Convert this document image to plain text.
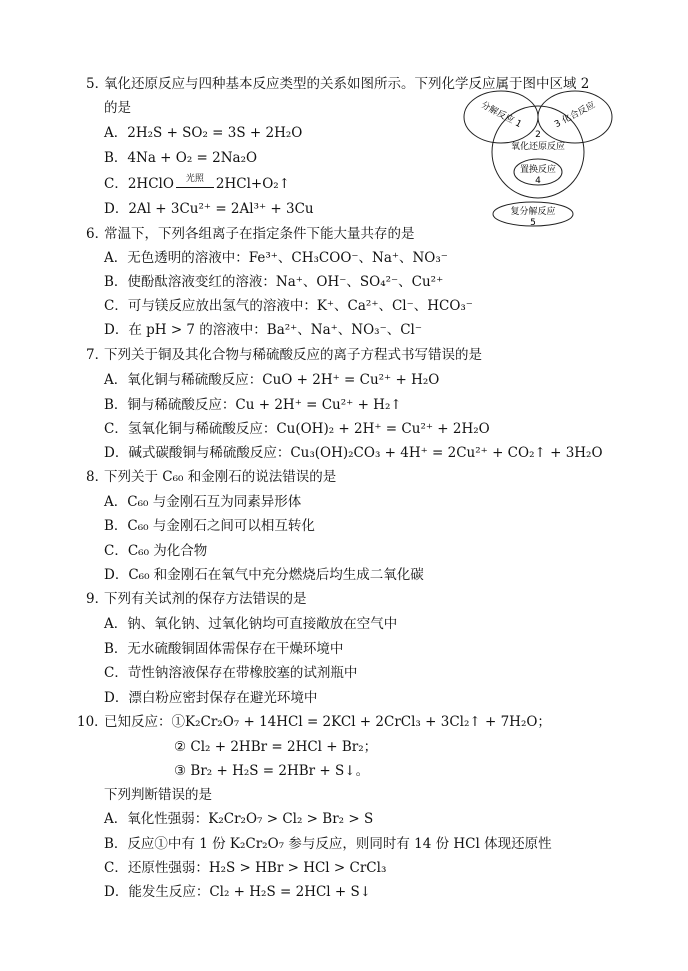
5．
氧化还原反应与四种基本反应类型的关系如图所示。下列化学反应属于图中区域 2
的是
A．2H₂S + SO₂ = 3S + 2H₂O
B．4Na + O₂ = 2Na₂O
C．2HClO	光照 2HCl+O₂↑
D．2Al + 3Cu²⁺ = 2Al³⁺ + 3Cu
分解反应 1	3 化合反应
2
氧化还原反应
置换反应
4
复分解反应
5
6．
常温下，下列各组离子在指定条件下能大量共存的是
A．无色透明的溶液中：Fe³⁺、CH₃COO⁻、Na⁺、NO₃⁻
B．使酚酞溶液变红的溶液：Na⁺、OH⁻、SO₄²⁻、Cu²⁺
C．可与镁反应放出氢气的溶液中：K⁺、Ca²⁺、Cl⁻、HCO₃⁻
D．在 pH > 7 的溶液中：Ba²⁺、Na⁺、NO₃⁻、Cl⁻
7．
下列关于铜及其化合物与稀硫酸反应的离子方程式书写错误的是
A．氧化铜与稀硫酸反应：CuO + 2H⁺ = Cu²⁺ + H₂O
B．铜与稀硫酸反应：Cu + 2H⁺ = Cu²⁺ + H₂↑
C．氢氧化铜与稀硫酸反应：Cu(OH)₂ + 2H⁺ = Cu²⁺ + 2H₂O
D．碱式碳酸铜与稀硫酸反应：Cu₃(OH)₂CO₃ + 4H⁺ = 2Cu²⁺ + CO₂↑ + 3H₂O
8．
下列关于 C₆₀ 和金刚石的说法错误的是
A．C₆₀ 与金刚石互为同素异形体
B．C₆₀ 与金刚石之间可以相互转化
C．C₆₀ 为化合物
D．C₆₀ 和金刚石在氧气中充分燃烧后均生成二氧化碳
9．
下列有关试剂的保存方法错误的是
A．钠、氧化钠、过氧化钠均可直接敞放在空气中
B．无水硫酸铜固体需保存在干燥环境中
C．苛性钠溶液保存在带橡胶塞的试剂瓶中
D．漂白粉应密封保存在避光环境中
10．
已知反应：①K₂Cr₂O₇ + 14HCl = 2KCl + 2CrCl₃ + 3Cl₂↑ + 7H₂O；
② Cl₂ + 2HBr = 2HCl + Br₂；
③ Br₂ + H₂S = 2HBr + S↓。
下列判断错误的是
A．氧化性强弱：K₂Cr₂O₇ > Cl₂ > Br₂ > S
B．反应①中有 1 份 K₂Cr₂O₇ 参与反应，则同时有 14 份 HCl 体现还原性
C．还原性强弱：H₂S > HBr > HCl > CrCl₃
D．能发生反应：Cl₂ + H₂S = 2HCl + S↓
